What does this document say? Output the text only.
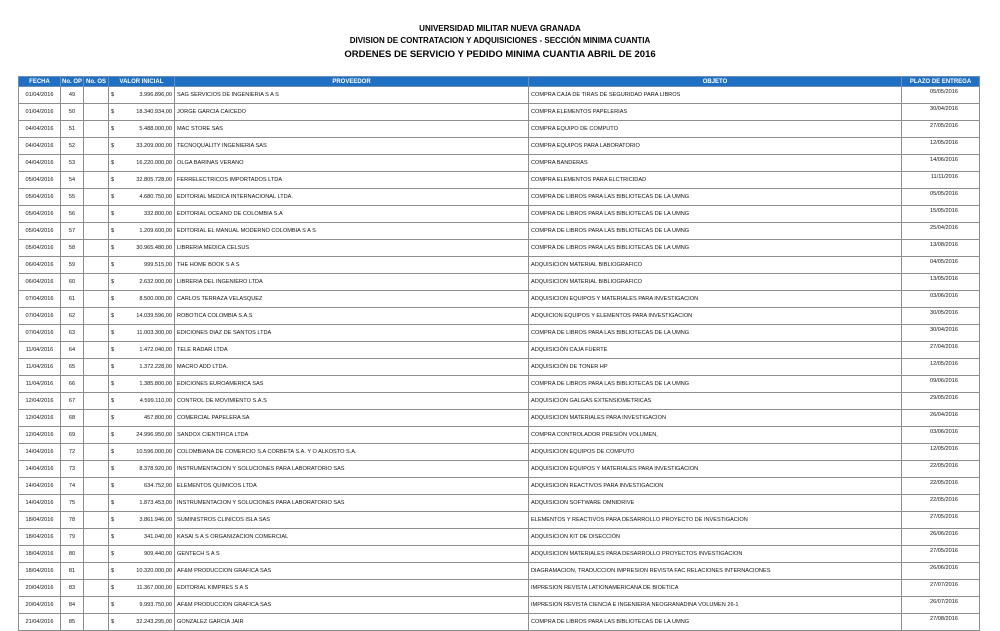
UNIVERSIDAD MILITAR NUEVA GRANADA
DIVISION DE CONTRATACION Y ADQUISICIONES - SECCIÓN MINIMA CUANTIA
ORDENES DE SERVICIO Y PEDIDO MINIMA CUANTIA ABRIL DE 2016
FECHA	No. OP	No. OS	VALOR INICIAL	PROVEEDOR	OBJETO	PLAZO DE ENTREGA
01/04/2016	49		$ 3.996.896,00	SAG SERVICIOS DE INGENIERIA S A S	COMPRA CAJA DE TIRAS DE SEGURIDAD PARA LIBROS	05/05/2016
01/04/2016	50		$ 18.340.934,00	JORGE GARCIA CAICEDO	COMPRA ELEMENTOS PAPELERIAS	30/04/2016
04/04/2016	51		$ 5.488.000,00	MAC STORE SAS	COMPRA EQUIPO DE COMPUTO	27/05/2016
04/04/2016	52		$ 33.209.000,00	TECNOQUALITY INGENIERIA SAS	COMPRA EQUIPOS PARA LABORATORIO	12/05/2016
04/04/2016	53		$ 16.220.000,00	OLGA BARINAS VERANO	COMPRA BANDERAS	14/06/2016
05/04/2016	54		$ 32.805.728,00	FERRELECTRICOS IMPORTADOS LTDA	COMPRA ELEMENTOS PARA ELCTRICIDAD	11/11/2016
05/04/2016	55		$ 4.680.750,00	EDITORIAL MEDICA INTERNACIONAL LTDA.	COMPRA DE LIBROS PARA LAS BIBLIOTECAS DE LA UMNG	05/05/2016
05/04/2016	56		$ 332.800,00	EDITORIAL OCEANO DE COLOMBIA S.A	COMPRA DE LIBROS PARA LAS BIBLIOTECAS DE LA UMNG	15/05/2016
05/04/2016	57		$ 1.209.600,00	EDITORIAL EL MANUAL MODERNO COLOMBIA S A S	COMPRA DE LIBROS PARA LAS BIBLIOTECAS DE LA UMNG	25/04/2016
05/04/2016	58		$ 30.965.480,00	LIBRERIA MEDICA CELSUS	COMPRA DE LIBROS PARA LAS BIBLIOTECAS DE LA UMNG	13/08/2016
06/04/2016	59		$ 999.515,00	THE HOME BOOK S A S	ADQUISICION MATERIAL BIBLIOGRAFICO	04/05/2016
06/04/2016	60		$ 2.632.000,00	LIBRERIA DEL INGENIERO LTDA	ADQUISICION MATERIAL BIBLIOGRAFICO	13/05/2016
07/04/2016	61		$ 8.500.000,00	CARLOS TERRAZA VELASQUEZ	ADQUISICION EQUIPOS Y MATERIALES PARA INVESTIGACION	03/06/2016
07/04/2016	62		$ 14.039.596,00	ROBOTICA COLOMBIA S.A.S	ADQUICION EQUIPOS Y ELEMENTOS PARA INVESTIGACION	30/05/2016
07/04/2016	63		$ 11.003.300,00	EDICIONES DIAZ DE SANTOS LTDA	COMPRA DE LIBROS PARA LAS BIBLIOTECAS DE LA UMNG	30/04/2016
11/04/2016	64		$ 1.472.040,00	TELE RADAR LTDA	ADQUISICIÓN CAJA FUERTE	27/04/2016
11/04/2016	65		$ 1.372.228,00	MACRO ADD LTDA.	ADQUISICIÓN DE TONER HP	12/05/2016
11/04/2016	66		$ 1.385.800,00	EDICIONES EUROAMERICA SAS	COMPRA DE LIBROS PARA LAS BIBLIOTECAS DE LA UMNG	09/06/2016
12/04/2016	67		$ 4.599.110,00	CONTROL DE MOVIMIENTO S.A.S	ADQUISICION GALGAS EXTENSIOMETRICAS	29/05/2016
12/04/2016	68		$ 457.800,00	COMERCIAL PAPELERA SA	ADQUISICION MATERIALES PARA INVESTIGACION	26/04/2016
12/04/2016	69		$ 24.996.950,00	SANDOX CIENTIFICA LTDA	COMPRA CONTROLADOR PRESIÓN VOLUMEN,	03/06/2016
14/04/2016	72		$ 10.596.000,00	COLOMBIANA DE COMERCIO S.A CORBETA S.A. Y O ALKOSTO S.A.	ADQUISICION EQUIPOS DE COMPUTO	12/05/2016
14/04/2016	73		$ 8.378.920,00	INSTRUMENTACION Y SOLUCIONES PARA LABORATORIO SAS	ADQUISICION EQUIPOS Y MATERIALES PARA INVESTIGACION	22/05/2016
14/04/2016	74		$ 634.752,00	ELEMENTOS QUIMICOS LTDA	ADQUISICION REACTIVOS PARA INVESTIGACION	22/05/2016
14/04/2016	75		$ 1.873.453,00	INSTRUMENTACION Y SOLUCIONES PARA LABORATORIO SAS	ADQUISICION SOFTWARE OMNIDRIVE	22/05/2016
18/04/2016	78		$ 3.861.946,00	SUMINISTROS CLINICOS ISLA SAS	ELEMENTOS Y REACTIVOS PARA DESARROLLO PROYECTO DE INVESTIGACION	27/05/2016
18/04/2016	79		$ 341.040,00	KASAI S A S ORGANIZACION COMERCIAL	ADQUISICION KIT DE DISECCIÓN	26/06/2016
18/04/2016	80		$ 909.440,00	GENTECH S A S	ADQUISICION MATERIALES PARA DESARROLLO PROYECTOS INVESTIGACION	27/05/2016
18/04/2016	81		$ 10.320.000,00	AF&M PRODUCCION GRAFICA SAS	DIAGRAMACION, TRADUCCION IMPRESION REVISTA FAC RELACIONES INTERNACIONES	26/06/2016
20/04/2016	83		$ 11.367.000,00	EDITORIAL KIMPRES S A S	IMPRESION REVISTA LATIONAMERICANA DE BIOETICA	27/07/2016
20/04/2016	84		$ 9.993.750,00	AF&M PRODUCCION GRAFICA SAS	IMPRESION REVISTA CIENCIA E INGENIERIA NEOGRANADINA VOLUMEN 26-1	26/07/2016
21/04/2016	85		$ 32.243.295,00	GONZALEZ GARCIA JAIR	COMPRA DE LIBROS PARA LAS BIBLIOTECAS DE LA UMNG	27/08/2016
